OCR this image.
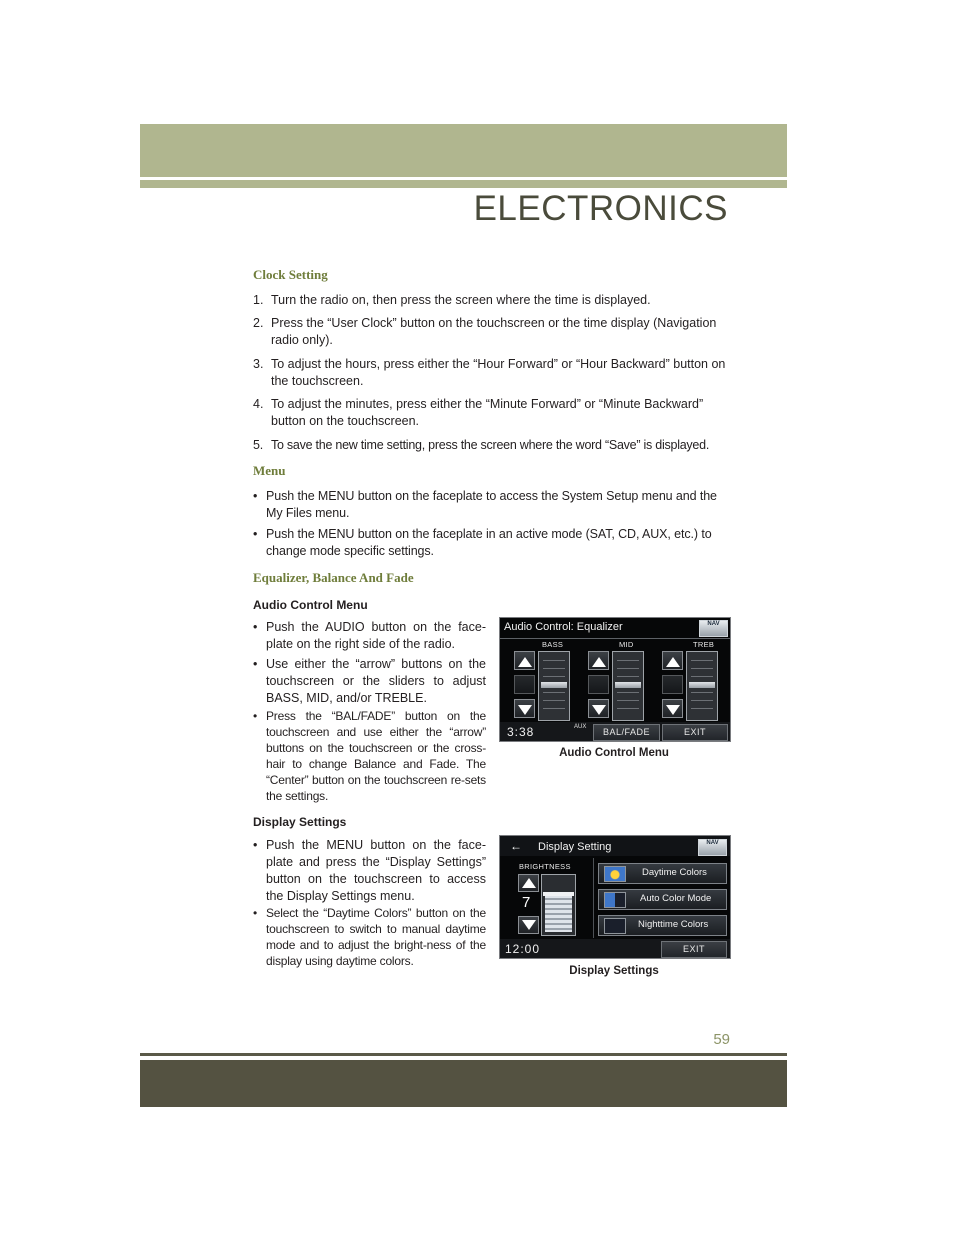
ELECTRONICS
Clock Setting
1. Turn the radio on, then press the screen where the time is displayed.
2. Press the “User Clock” button on the touchscreen or the time display (Navigation radio only).
3. To adjust the hours, press either the “Hour Forward” or “Hour Backward” button on the touchscreen.
4. To adjust the minutes, press either the “Minute Forward” or “Minute Backward” button on the touchscreen.
5. To save the new time setting, press the screen where the word “Save” is displayed.
Menu
• Push the MENU button on the faceplate to access the System Setup menu and the My Files menu.
• Push the MENU button on the faceplate in an active mode (SAT, CD, AUX, etc.) to change mode specific settings.
Equalizer, Balance And Fade
Audio Control Menu
• Push the AUDIO button on the face-plate on the right side of the radio.
• Use either the “arrow” buttons on the touchscreen or the sliders to adjust BASS, MID, and/or TREBLE.
• Press the “BAL/FADE” button on the touchscreen and use either the “arrow” buttons on the touchscreen or the cross-hair to change Balance and Fade. The “Center” button on the touchscreen re-sets the settings.
Audio Control: Equalizer	NAV
BASS	MID	TREB
3:38	AUX	BAL/FADE	EXIT
Audio Control Menu
Display Settings
• Push the MENU button on the face-plate and press the “Display Settings” button on the touchscreen to access the Display Settings menu.
• Select the “Daytime Colors” button on the touchscreen to switch to manual daytime mode and to adjust the bright-ness of the display using daytime colors.
← Display Setting	NAV
BRIGHTNESS
7
Daytime Colors
Auto Color Mode
Nighttime Colors
12:00	EXIT
Display Settings
59
